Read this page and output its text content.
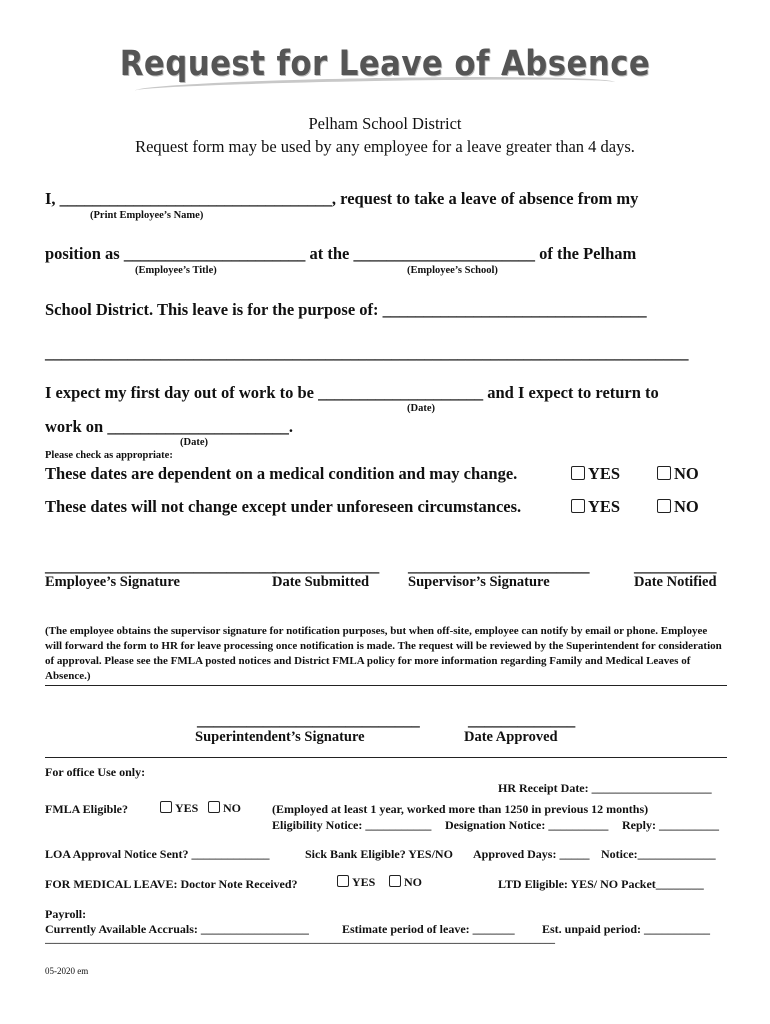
Request for Leave of Absence
Pelham School District
Request form may be used by any employee for a leave greater than 4 days.
I, _________________________________, request to take a leave of absence from my
(Print Employee’s Name)
position as ______________________ at the ______________________ of the Pelham
(Employee’s Title)	(Employee’s School)
School District. This leave is for the purpose of: ________________________________
______________________________________________________________________________
I expect my first day out of work to be ____________________ and I expect to return to
(Date)
work on ______________________.
(Date)
Please check as appropriate:
These dates are dependent on a medical condition and may change.	YES	NO
These dates will not change except under unforeseen circumstances.	YES	NO
____________________________
_____________ ______________________	__________
Employee’s Signature	Date Submitted	Supervisor’s Signature	Date Notified
(The employee obtains the supervisor signature for notification purposes, but when off-site, employee can notify by email or phone. Employee will forward the form to HR for leave processing once notification is made. The request will be reviewed by the Superintendent for consideration of approval. Please see the FMLA posted notices and District FMLA policy for more information regarding Family and Medical Leaves of Absence.)
___________________________	_____________
Superintendent’s Signature	Date Approved
For office Use only:
HR Receipt Date: ____________________
FMLA Eligible?	YES	NO	(Employed at least 1 year, worked more than 1250 in previous 12 months)
Eligibility Notice: ___________ Designation Notice: __________ Reply: __________
LOA Approval Notice Sent? _____________	Sick Bank Eligible? YES/NO Approved Days: _____ Notice:_____________
FOR MEDICAL LEAVE: Doctor Note Received?	YES	NO	LTD Eligible: YES/ NO Packet________
Payroll:
Currently Available Accruals: __________________	Estimate period of leave: _______ Est. unpaid period: ___________
______________________________________________________________________________________________________
05-2020 em
